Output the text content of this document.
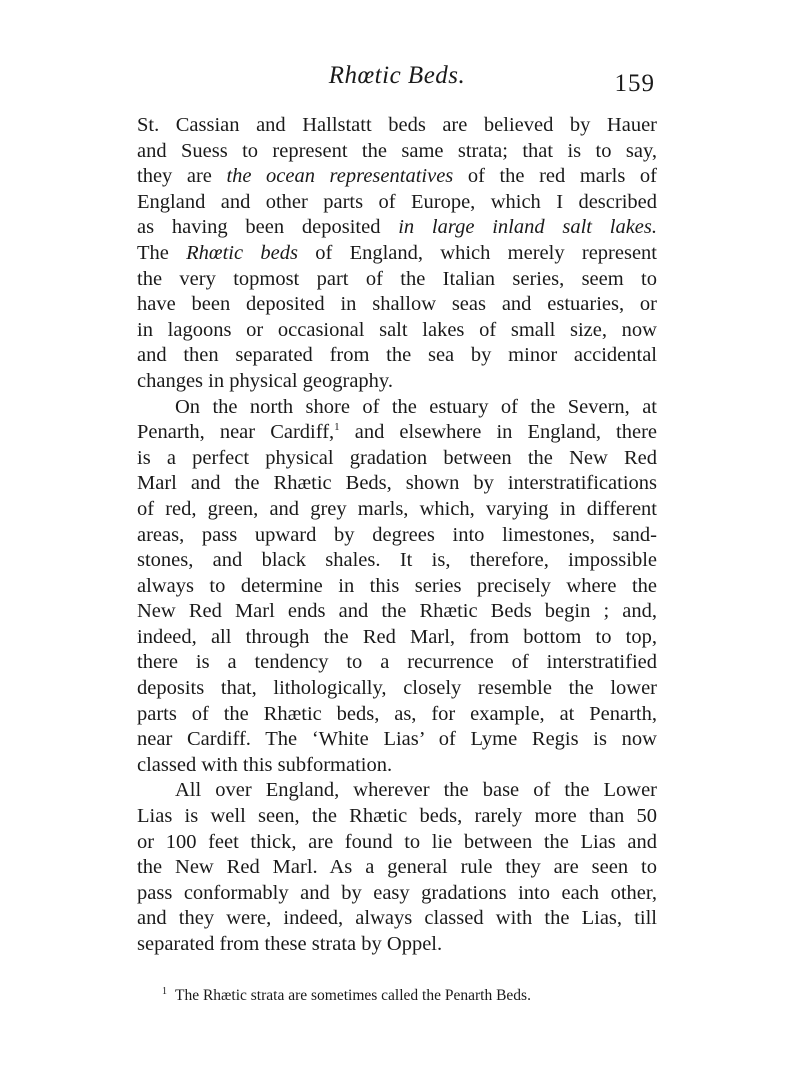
Rhœtic Beds.	159
St. Cassian and Hallstatt beds are believed by Hauer
and Suess to represent the same strata; that is to say,
they are the ocean representatives of the red marls of
England and other parts of Europe, which I described
as having been deposited in large inland salt lakes.
The Rhœtic beds of England, which merely represent
the very topmost part of the Italian series, seem to
have been deposited in shallow seas and estuaries, or
in lagoons or occasional salt lakes of small size, now
and then separated from the sea by minor accidental
changes in physical geography.
On the north shore of the estuary of the Severn, at
Penarth, near Cardiff,$^1$ and elsewhere in England, there
is a perfect physical gradation between the New Red
Marl and the Rhætic Beds, shown by interstratifications
of red, green, and grey marls, which, varying in different
areas, pass upward by degrees into limestones, sand-
stones, and black shales. It is, therefore, impossible
always to determine in this series precisely where the
New Red Marl ends and the Rhætic Beds begin ; and,
indeed, all through the Red Marl, from bottom to top,
there is a tendency to a recurrence of interstratified
deposits that, lithologically, closely resemble the lower
parts of the Rhætic beds, as, for example, at Penarth,
near Cardiff. The ‘White Lias’ of Lyme Regis is now
classed with this subformation.
All over England, wherever the base of the Lower
Lias is well seen, the Rhætic beds, rarely more than 50
or 100 feet thick, are found to lie between the Lias and
the New Red Marl. As a general rule they are seen to
pass conformably and by easy gradations into each other,
and they were, indeed, always classed with the Lias, till
separated from these strata by Oppel.
1 The Rhætic strata are sometimes called the Penarth Beds.
